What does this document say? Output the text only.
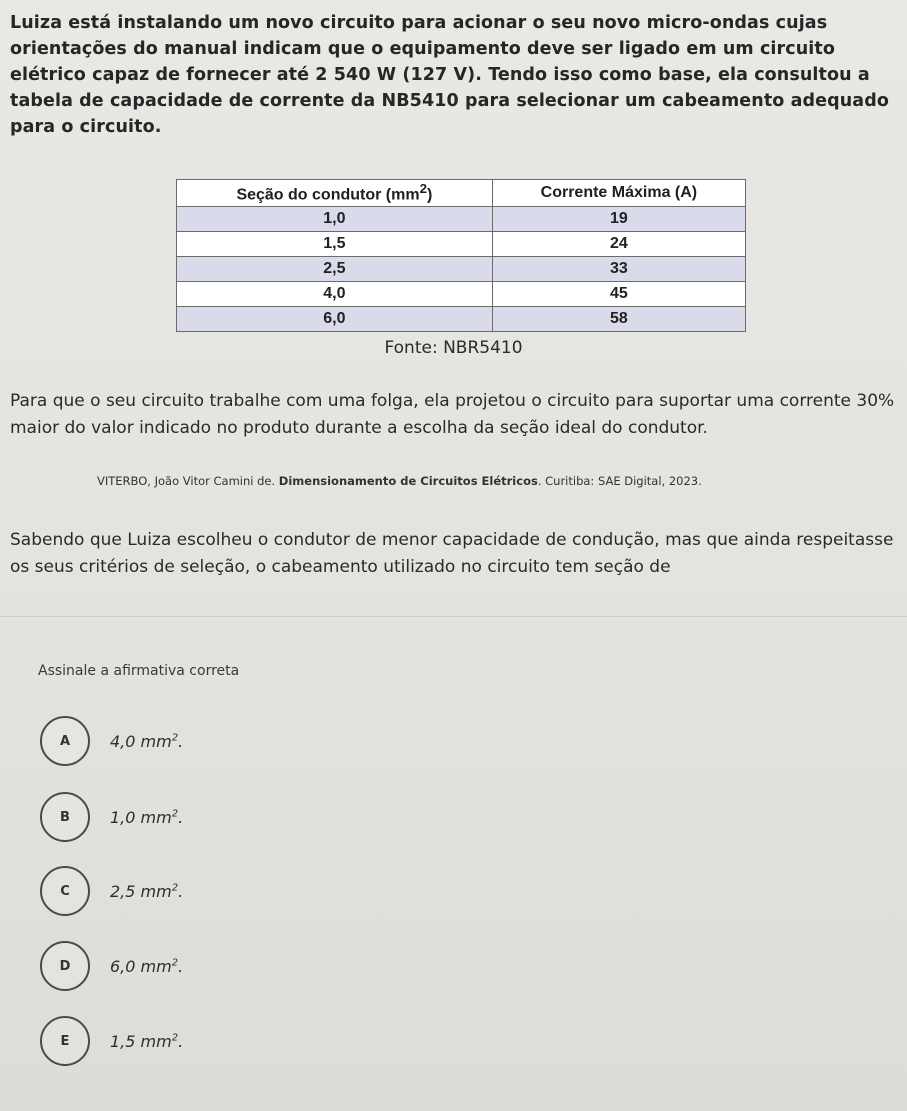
Luiza está instalando um novo circuito para acionar o seu novo micro-ondas cujas orientações do manual indicam que o equipamento deve ser ligado em um circuito elétrico capaz de fornecer até 2 540 W (127 V). Tendo isso como base, ela consultou a tabela de capacidade de corrente da NB5410 para selecionar um cabeamento adequado para o circuito.
Seção do condutor $(mm^2)$	Corrente Máxima (A)
1,0	19
1,5	24
2,5	33
4,0	45
6,0	58
Fonte: NBR5410
Para que o seu circuito trabalhe com uma folga, ela projetou o circuito para suportar uma corrente 30% maior do valor indicado no produto durante a escolha da seção ideal do condutor.
VITERBO, João Vitor Camini de. Dimensionamento de Circuitos Elétricos. Curitiba: SAE Digital, 2023.
Sabendo que Luiza escolheu o condutor de menor capacidade de condução, mas que ainda respeitasse os seus critérios de seleção, o cabeamento utilizado no circuito tem seção de
Assinale a afirmativa correta
A	4,0 $mm^2$.
B	1,0 $mm^2$.
C	2,5 $mm^2$.
D	6,0 $mm^2$.
E	1,5 $mm^2$.
